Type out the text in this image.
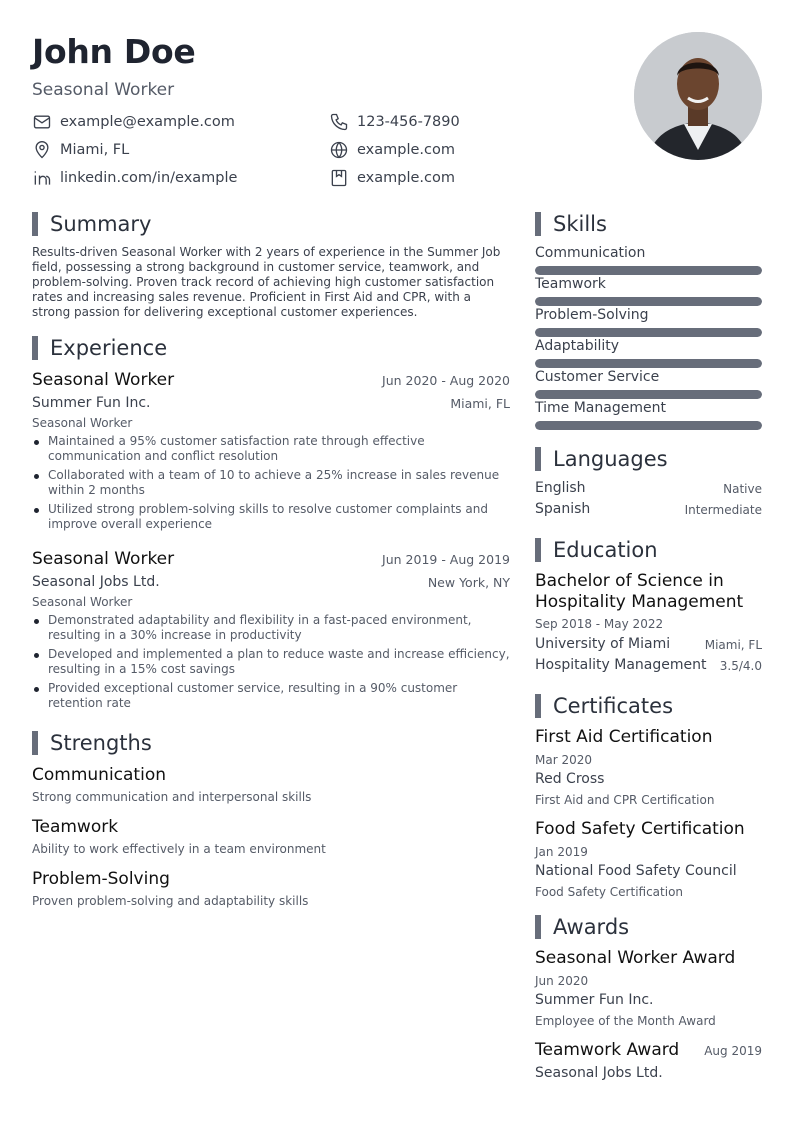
John Doe
Seasonal Worker
example@example.com	123-456-7890
Miami, FL	example.com
linkedin.com/in/example	example.com
Summary
Results-driven Seasonal Worker with 2 years of experience in the Summer Job field, possessing a strong background in customer service, teamwork, and problem-solving. Proven track record of achieving high customer satisfaction rates and increasing sales revenue. Proficient in First Aid and CPR, with a strong passion for delivering exceptional customer experiences.
Experience
Seasonal Worker	Jun 2020 - Aug 2020
Summer Fun Inc.	Miami, FL
Seasonal Worker
Maintained a 95% customer satisfaction rate through effective communication and conflict resolution
Collaborated with a team of 10 to achieve a 25% increase in sales revenue within 2 months
Utilized strong problem-solving skills to resolve customer complaints and improve overall experience
Seasonal Worker	Jun 2019 - Aug 2019
Seasonal Jobs Ltd.	New York, NY
Seasonal Worker
Demonstrated adaptability and flexibility in a fast-paced environment, resulting in a 30% increase in productivity
Developed and implemented a plan to reduce waste and increase efficiency, resulting in a 15% cost savings
Provided exceptional customer service, resulting in a 90% customer retention rate
Strengths
Communication
Strong communication and interpersonal skills
Teamwork
Ability to work effectively in a team environment
Problem-Solving
Proven problem-solving and adaptability skills
Skills
Communication
Teamwork
Problem-Solving
Adaptability
Customer Service
Time Management
Languages
English	Native
Spanish	Intermediate
Education
Bachelor of Science in Hospitality Management
Sep 2018 - May 2022
University of Miami	Miami, FL
Hospitality Management 3.5/4.0
Certificates
First Aid Certification
Mar 2020
Red Cross
First Aid and CPR Certification
Food Safety Certification
Jan 2019
National Food Safety Council
Food Safety Certification
Awards
Seasonal Worker Award
Jun 2020
Summer Fun Inc.
Employee of the Month Award
Teamwork Award Aug 2019
Seasonal Jobs Ltd.
